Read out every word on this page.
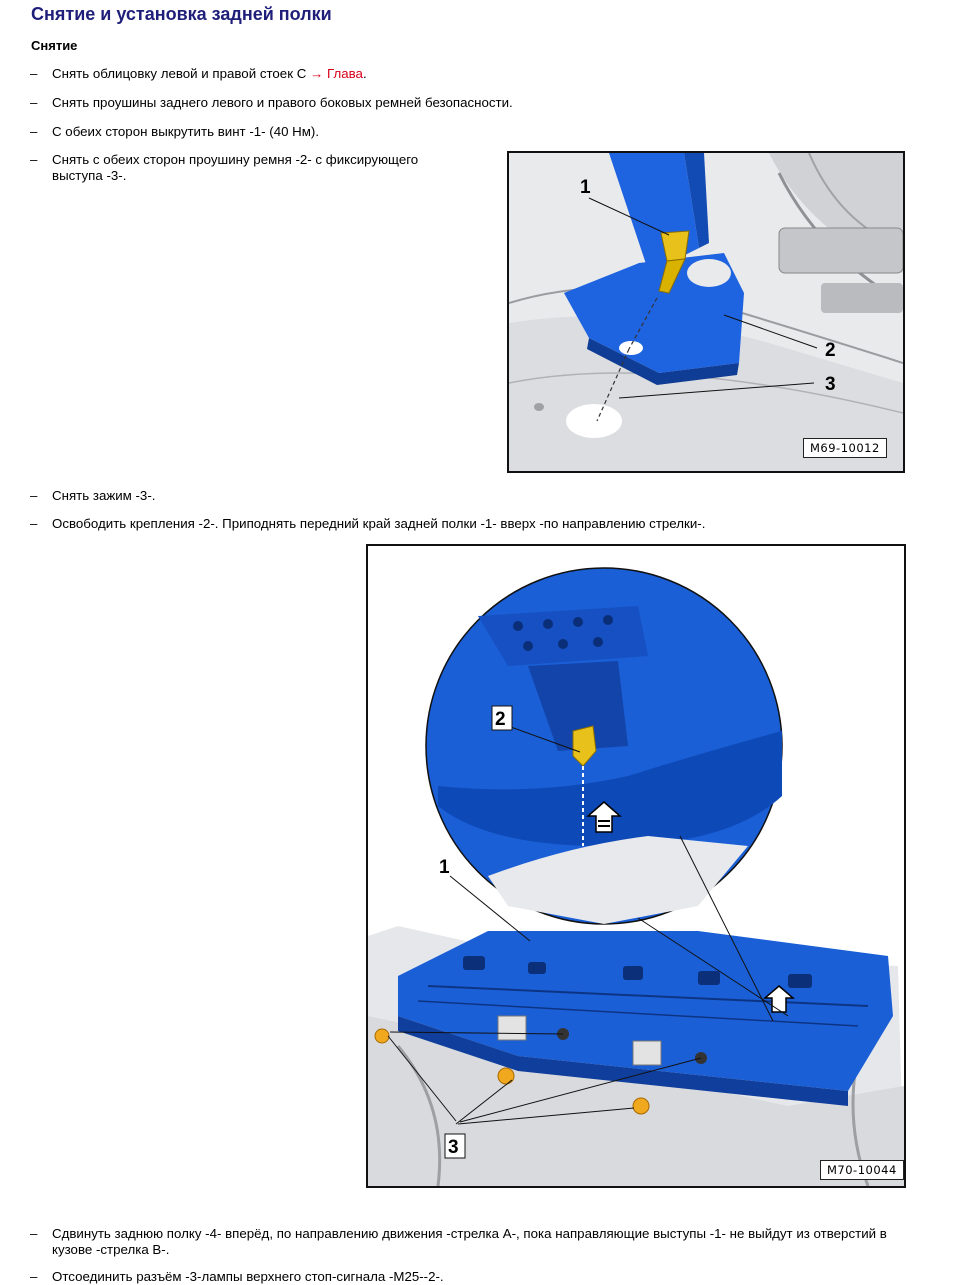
Снятие и установка задней полки
Снятие
–	Снять облицовку левой и правой стоек С → Глава.
–	Снять проушины заднего левого и правого боковых ремней безопасности.
–	С обеих сторон выкрутить винт -1- (40 Нм).
–	Снять с обеих сторон проушину ремня -2- с фиксирующего выступа -3-.
1
2
3
M69-10012
–	Снять зажим -3-.
–	Освободить крепления -2-. Приподнять передний край задней полки -1- вверх -по направлению стрелки-.
2
1
3
M70-10044
–	Сдвинуть заднюю полку -4- вперёд, по направлению движения -стрелка А-, пока направляющие выступы -1- не выйдут из отверстий в кузове -стрелка В-.
–	Отсоединить разъём -3-лампы верхнего стоп-сигнала -M25--2-.
